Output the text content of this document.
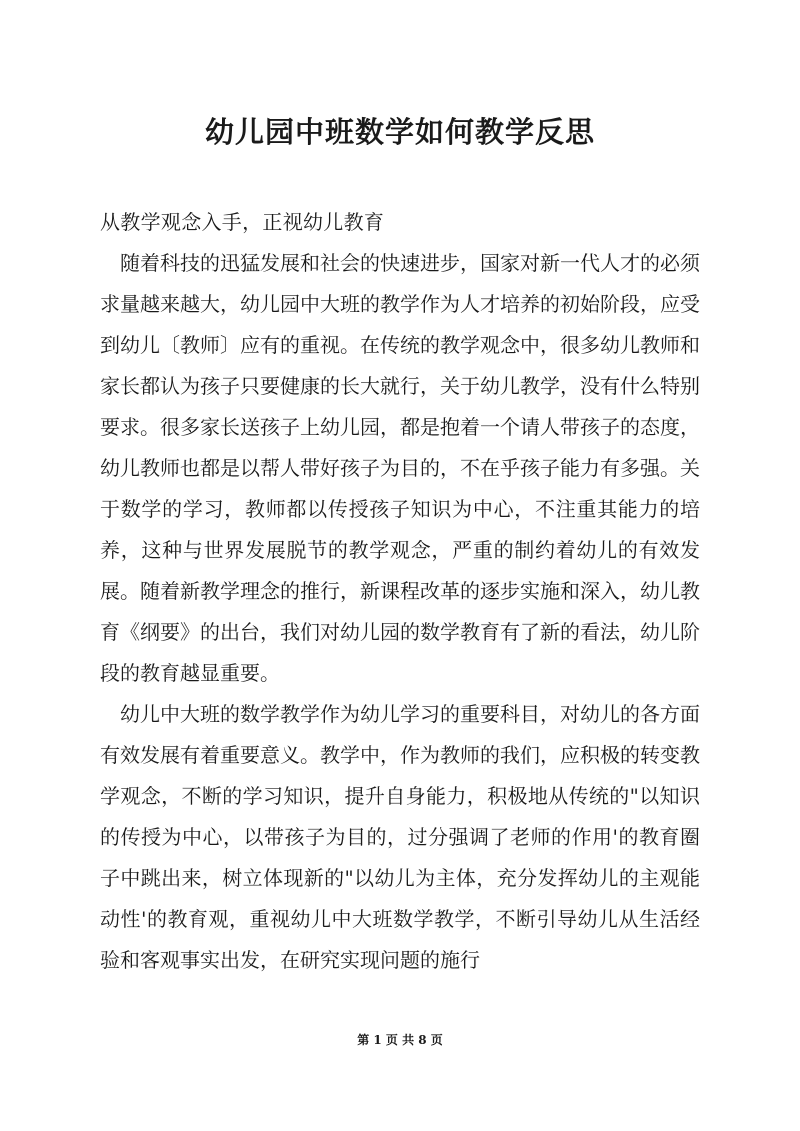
幼儿园中班数学如何教学反思

从教学观念入手，正视幼儿教育

随着科技的迅猛发展和社会的快速进步，国家对新一代人才的必须求量越来越大，幼儿园中大班的教学作为人才培养的初始阶段，应受到幼儿〔教师〕应有的重视。在传统的教学观念中，很多幼儿教师和家长都认为孩子只要健康的长大就行，关于幼儿教学，没有什么特别要求。很多家长送孩子上幼儿园，都是抱着一个请人带孩子的态度，幼儿教师也都是以帮人带好孩子为目的，不在乎孩子能力有多强。关于数学的学习，教师都以传授孩子知识为中心，不注重其能力的培养，这种与世界发展脱节的教学观念，严重的制约着幼儿的有效发展。随着新教学理念的推行，新课程改革的逐步实施和深入，幼儿教育《纲要》的出台，我们对幼儿园的数学教育有了新的看法，幼儿阶段的教育越显重要。

幼儿中大班的数学教学作为幼儿学习的重要科目，对幼儿的各方面有效发展有着重要意义。教学中，作为教师的我们，应积极的转变教学观念，不断的学习知识，提升自身能力，积极地从传统的"以知识的传授为中心，以带孩子为目的，过分强调了老师的作用'的教育圈子中跳出来，树立体现新的"以幼儿为主体，充分发挥幼儿的主观能动性'的教育观，重视幼儿中大班数学教学，不断引导幼儿从生活经验和客观事实出发，在研究实现问题的施行

第 1 页 共 8 页
